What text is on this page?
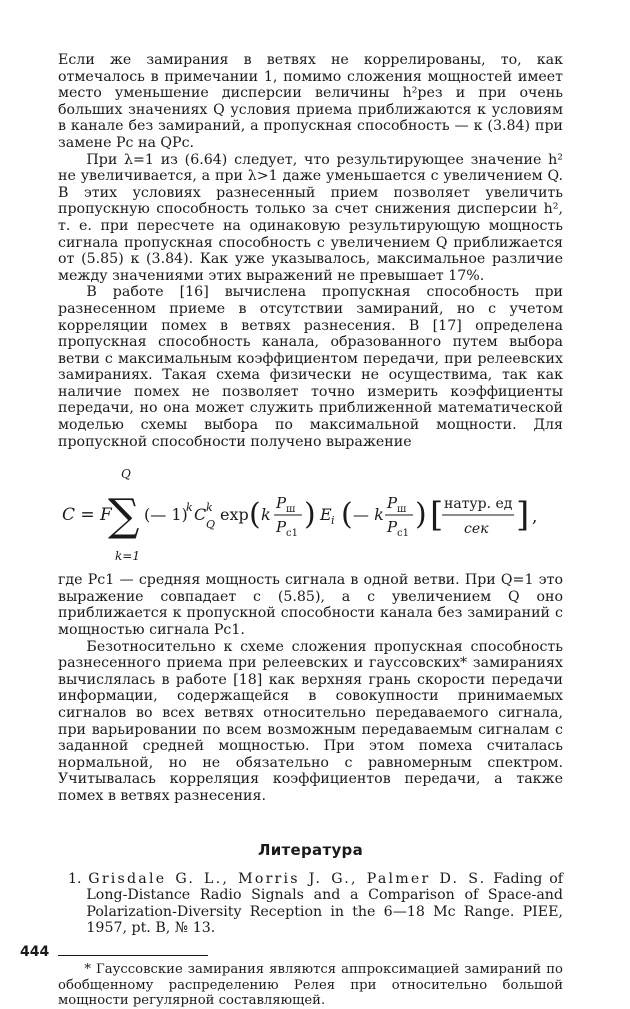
Если же замирания в ветвях не коррелированы, то, как отмечалось в примечании 1, помимо сложения мощностей имеет место уменьшение дисперсии величины h²рез и при очень больших значениях Q условия приема приближаются к условиям в канале без замираний, а пропускная способность — к (3.84) при замене Pc на QPc.

При λ=1 из (6.64) следует, что результирующее значение h² не увеличивается, а при λ>1 даже уменьшается с увеличением Q. В этих условиях разнесенный прием позволяет увеличить пропускную способность только за счет снижения дисперсии h², т. е. при пересчете на одинаковую результирующую мощность сигнала пропускная способность с увеличением Q приближается от (5.85) к (3.84). Как уже указывалось, максимальное различие между значениями этих выражений не превышает 17%.

В работе [16] вычислена пропускная способность при разнесенном приеме в отсутствии замираний, но с учетом корреляции помех в ветвях разнесения. В [17] определена пропускная способность канала, образованного путем выбора ветви с максимальным коэффициентом передачи, при релеевских замираниях. Такая схема физически не осуществима, так как наличие помех не позволяет точно измерить коэффициенты передачи, но она может служить приближенной математической моделью схемы выбора по максимальной мощности. Для пропускной способности получено выражение

C = F
Q
∑
k=1
(— 1)
k C k
Q
exp ( k
P ш
P c1
) E i ( — k
P ш
P c1
) [ натур. ед
сек ] ,

где Pc1 — средняя мощность сигнала в одной ветви. При Q=1 это выражение совпадает с (5.85), а с увеличением Q оно приближается к пропускной способности канала без замираний с мощностью сигнала Pc1.

Безотносительно к схеме сложения пропускная способность разнесенного приема при релеевских и гауссовских* замираниях вычислялась в работе [18] как верхняя грань скорости передачи информации, содержащейся в совокупности принимаемых сигналов во всех ветвях относительно передаваемого сигнала, при варьировании по всем возможным передаваемым сигналам с заданной средней мощностью. При этом помеха считалась нормальной, но не обязательно с равномерным спектром. Учитывалась корреляция коэффициентов передачи, а также помех в ветвях разнесения.

Литература
1. Grisdale G. L., Morris J. G., Palmer D. S. Fading of Long-Distance Radio Signals and a Comparison of Space-and Polarization-Diversity Reception in the 6—18 Mc Range. PIEE, 1957, pt. B, № 13.
* Гауссовские замирания являются аппроксимацией замираний по обобщенному распределению Релея при относительно большой мощности регулярной составляющей.
444
